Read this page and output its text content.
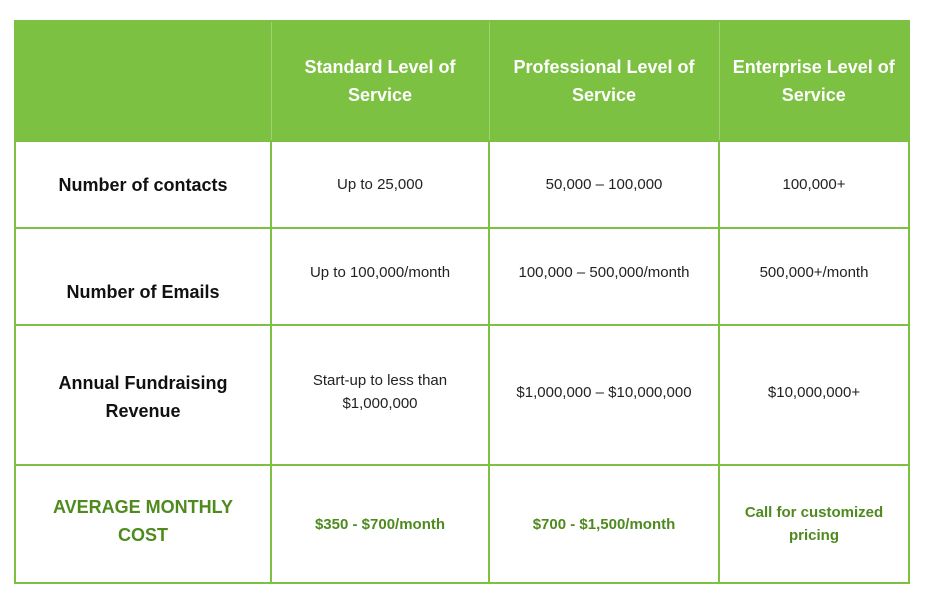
	Standard Level of Service	Professional Level of Service	Enterprise Level of Service
Number of contacts	Up to 25,000	50,000 – 100,000	100,000+
Number of Emails	Up to 100,000/month	100,000 – 500,000/month	500,000+/month
Annual Fundraising Revenue	Start-up to less than $1,000,000	$1,000,000 – $10,000,000	$10,000,000+
AVERAGE MONTHLY COST	$350 - $700/month	$700 - $1,500/month	Call for customized pricing
